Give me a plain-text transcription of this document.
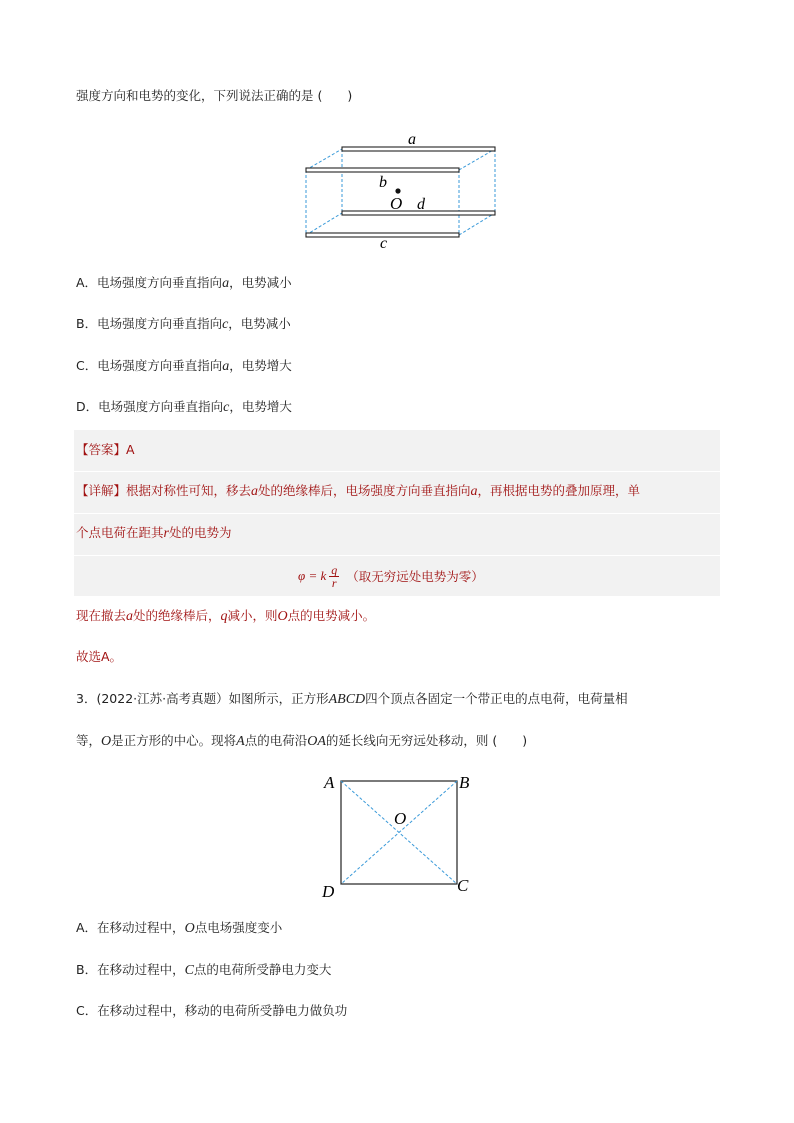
强度方向和电势的变化，下列说法正确的是 (　　)
a
b
O d
c
A．电场强度方向垂直指向a，电势减小
B．电场强度方向垂直指向c，电势减小
C．电场强度方向垂直指向a，电势增大
D．电场强度方向垂直指向c，电势增大
【答案】A
【详解】根据对称性可知，移去a处的绝缘棒后，电场强度方向垂直指向a，再根据电势的叠加原理，单
个点电荷在距其r处的电势为
φ = k $\frac{q}{r}$ （取无穷远处电势为零）
现在撤去a处的绝缘棒后，q减小，则O点的电势减小。
故选A。
3．(2022·江苏·高考真题）如图所示，正方形ABCD四个顶点各固定一个带正电的点电荷，电荷量相
等，O是正方形的中心。现将A点的电荷沿OA的延长线向无穷远处移动，则 (　　)
A	B
C
D
O
A．在移动过程中，O点电场强度变小
B．在移动过程中，C点的电荷所受静电力变大
C．在移动过程中，移动的电荷所受静电力做负功
